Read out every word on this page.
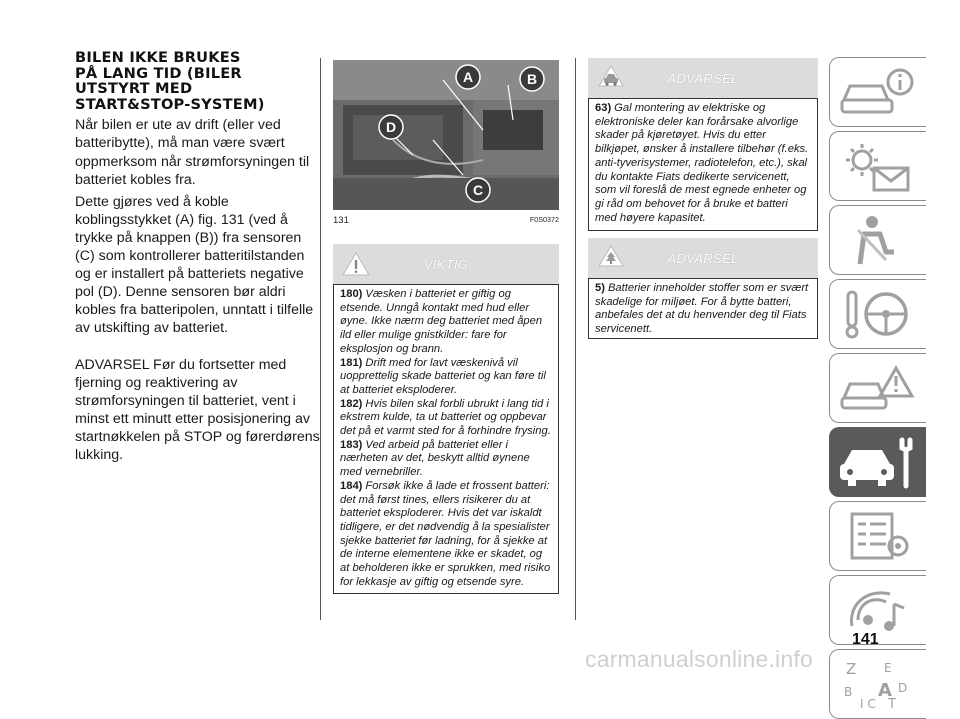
BILEN IKKE BRUKES
PÅ LANG TID (BILER
UTSTYRT MED
START&STOP-SYSTEM)

Når bilen er ute av drift (eller ved batteribytte), må man være svært oppmerksom når strømforsyningen til batteriet kobles fra.

Dette gjøres ved å koble koblingsstykket (A) fig. 131 (ved å trykke på knappen (B)) fra sensoren (C) som kontrollerer batteritilstanden og er installert på batteriets negative pol (D). Denne sensoren bør aldri kobles fra batteripolen, unntatt i tilfelle av utskifting av batteriet.

ADVARSEL Før du fortsetter med fjerning og reaktivering av strømforsyningen til batteriet, vent i minst ett minutt etter posisjonering av startnøkkelen på STOP og førerdørens lukking.

A	B
C
D
131	F0S0372
VIKTIG
180) Væsken i batteriet er giftig og etsende. Unngå kontakt med hud eller øyne. Ikke nærm deg batteriet med åpen ild eller mulige gnistkilder: fare for eksplosjon og brann.
181) Drift med for lavt væskenivå vil uopprettelig skade batteriet og kan føre til at batteriet eksploderer.
182) Hvis bilen skal forbli ubrukt i lang tid i ekstrem kulde, ta ut batteriet og oppbevar det på et varmt sted for å forhindre frysing.
183) Ved arbeid på batteriet eller i nærheten av det, beskytt alltid øynene med vernebriller.
184) Forsøk ikke å lade et frossent batteri: det må først tines, ellers risikerer du at batteriet eksploderer. Hvis det var iskaldt tidligere, er det nødvendig å la spesialister sjekke batteriet før ladning, for å sjekke at de interne elementene ikke er skadet, og at beholderen ikke er sprukken, med risiko for lekkasje av giftig og etsende syre.
ADVARSEL
63) Gal montering av elektriske og elektroniske deler kan forårsake alvorlige skader på kjøretøyet. Hvis du etter bilkjøpet, ønsker å installere tilbehør (f.eks. anti-tyverisystemer, radiotelefon, etc.), skal du kontakte Fiats dedikerte servicenett, som vil foreslå de mest egnede enheter og gi råd om behovet for å bruke et batteri med høyere kapasitet.
ADVARSEL
5) Batterier inneholder stoffer som er svært skadelige for miljøet. For å bytte batteri, anbefales det at du henvender deg til Fiats servicenett.
Z E
B A
I C T
D
141
carmanualsonline.info
